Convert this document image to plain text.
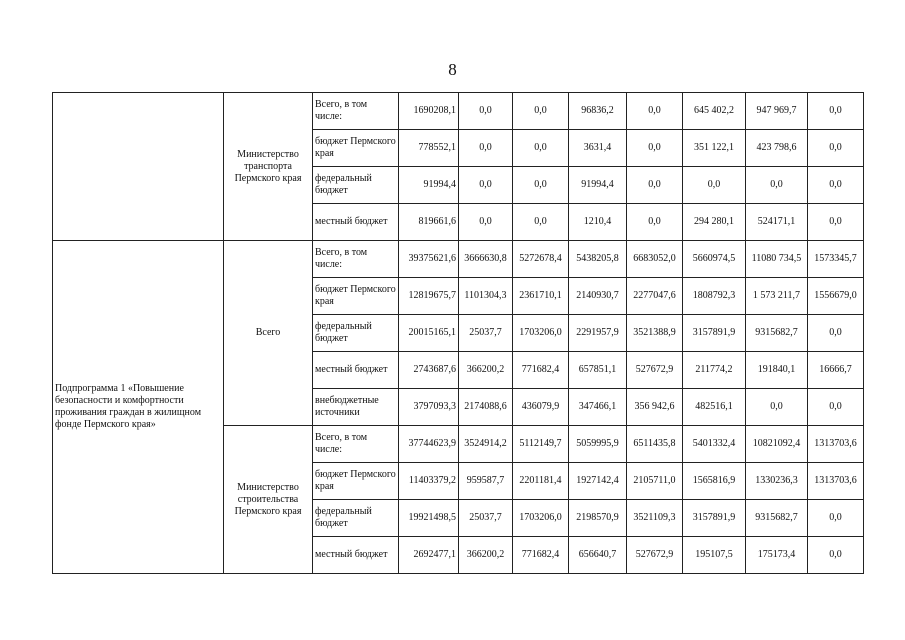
8
	Министерство транспорта Пермского края	Всего, в том числе:	1690208,1	0,0	0,0	96836,2	0,0	645 402,2	947 969,7	0,0
		бюджет Пермского края	778552,1	0,0	0,0	3631,4	0,0	351 122,1	423 798,6	0,0
		федеральный бюджет	91994,4	0,0	0,0	91994,4	0,0	0,0	0,0	0,0
		местный бюджет	819661,6	0,0	0,0	1210,4	0,0	294 280,1	524171,1	0,0
Подпрограмма 1 «Повышение безопасности и комфортности проживания граждан в жилищном фонде Пермского края»	Всего	Всего, в том числе:	39375621,6	3666630,8	5272678,4	5438205,8	6683052,0	5660974,5	11080 734,5	1573345,7
		бюджет Пермского края	12819675,7	1101304,3	2361710,1	2140930,7	2277047,6	1808792,3	1 573 211,7	1556679,0
		федеральный бюджет	20015165,1	25037,7	1703206,0	2291957,9	3521388,9	3157891,9	9315682,7	0,0
		местный бюджет	2743687,6	366200,2	771682,4	657851,1	527672,9	211774,2	191840,1	16666,7
		внебюджетные источники	3797093,3	2174088,6	436079,9	347466,1	356 942,6	482516,1	0,0	0,0
	Министерство строительства Пермского края	Всего, в том числе:	37744623,9	3524914,2	5112149,7	5059995,9	6511435,8	5401332,4	10821092,4	1313703,6
		бюджет Пермского края	11403379,2	959587,7	2201181,4	1927142,4	2105711,0	1565816,9	1330236,3	1313703,6
		федеральный бюджет	19921498,5	25037,7	1703206,0	2198570,9	3521109,3	3157891,9	9315682,7	0,0
		местный бюджет	2692477,1	366200,2	771682,4	656640,7	527672,9	195107,5	175173,4	0,0
